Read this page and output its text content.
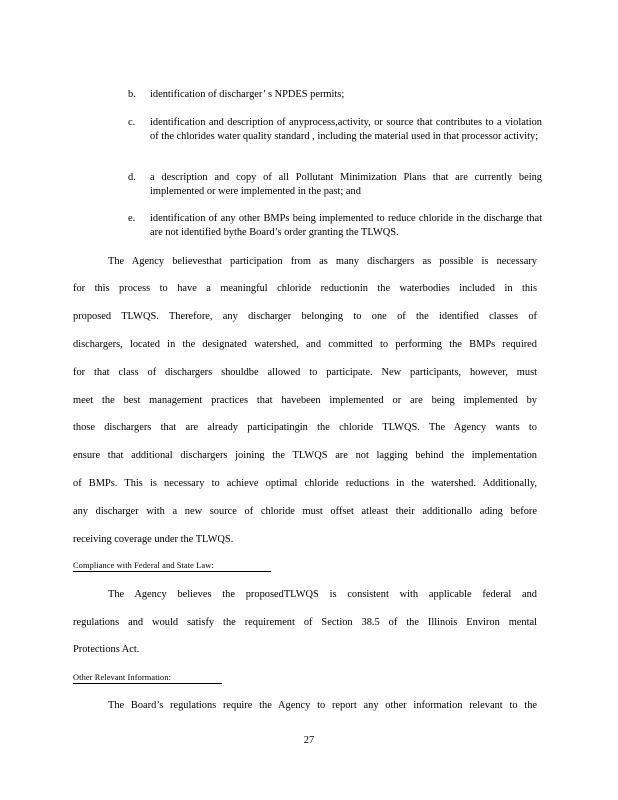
b. identification of discharger’ s NPDES permits;
c. identification and description of anyprocess,activity, or source that contributes to a violation of the chlorides water quality standard , including the material used in that processor activity;
d. a description and copy of all Pollutant Minimization Plans that are currently being implemented or were implemented in the past; and
e. identification of any other BMPs being implemented to reduce chloride in the discharge that are not identified bythe Board’s order granting the TLWQS.
The Agency believesthat participation from as many dischargers as possible is necessary
for this process to have a meaningful chloride reductionin the waterbodies included in this
proposed TLWQS. Therefore, any discharger belonging to one of the identified classes of
dischargers, located in the designated watershed, and committed to performing the BMPs required
for that class of dischargers shouldbe allowed to participate. New participants, however, must
meet the best management practices that havebeen implemented or are being implemented by
those dischargers that are already participatingin the chloride TLWQS. The Agency wants to
ensure that additional dischargers joining the TLWQS are not lagging behind the implementation
of BMPs. This is necessary to achieve optimal chloride reductions in the watershed. Additionally,
any discharger with a new source of chloride must offset atleast their additionallo ading before
receiving coverage under the TLWQS.
Compliance with Federal and State Law:
The Agency believes the proposedTLWQS is consistent with applicable federal and
regulations and would satisfy the requirement of Section 38.5 of the Illinois Environ mental
Protections Act.
Other Relevant Information:
The Board’s regulations require the Agency to report any other information relevant to the
27
